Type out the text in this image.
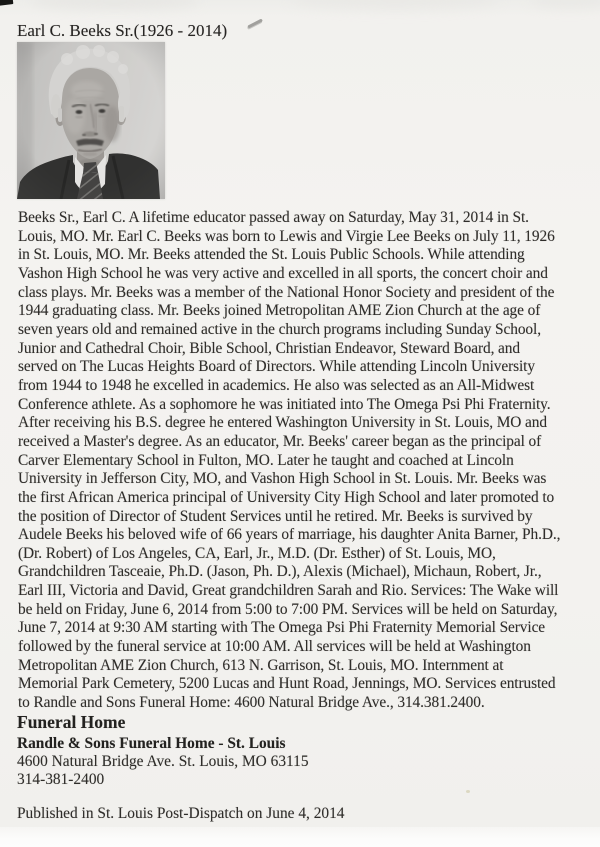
Earl C. Beeks Sr.(1926 - 2014)
Beeks Sr., Earl C. A lifetime educator passed away on Saturday, May 31, 2014 in St.
Louis, MO. Mr. Earl C. Beeks was born to Lewis and Virgie Lee Beeks on July 11, 1926
in St. Louis, MO. Mr. Beeks attended the St. Louis Public Schools. While attending
Vashon High School he was very active and excelled in all sports, the concert choir and
class plays. Mr. Beeks was a member of the National Honor Society and president of the
1944 graduating class. Mr. Beeks joined Metropolitan AME Zion Church at the age of
seven years old and remained active in the church programs including Sunday School,
Junior and Cathedral Choir, Bible School, Christian Endeavor, Steward Board, and
served on The Lucas Heights Board of Directors. While attending Lincoln University
from 1944 to 1948 he excelled in academics. He also was selected as an All-Midwest
Conference athlete. As a sophomore he was initiated into The Omega Psi Phi Fraternity.
After receiving his B.S. degree he entered Washington University in St. Louis, MO and
received a Master's degree. As an educator, Mr. Beeks' career began as the principal of
Carver Elementary School in Fulton, MO. Later he taught and coached at Lincoln
University in Jefferson City, MO, and Vashon High School in St. Louis. Mr. Beeks was
the first African America principal of University City High School and later promoted to
the position of Director of Student Services until he retired. Mr. Beeks is survived by
Audele Beeks his beloved wife of 66 years of marriage, his daughter Anita Barner, Ph.D.,
(Dr. Robert) of Los Angeles, CA, Earl, Jr., M.D. (Dr. Esther) of St. Louis, MO,
Grandchildren Tasceaie, Ph.D. (Jason, Ph. D.), Alexis (Michael), Michaun, Robert, Jr.,
Earl III, Victoria and David, Great grandchildren Sarah and Rio. Services: The Wake will
be held on Friday, June 6, 2014 from 5:00 to 7:00 PM. Services will be held on Saturday,
June 7, 2014 at 9:30 AM starting with The Omega Psi Phi Fraternity Memorial Service
followed by the funeral service at 10:00 AM. All services will be held at Washington
Metropolitan AME Zion Church, 613 N. Garrison, St. Louis, MO. Internment at
Memorial Park Cemetery, 5200 Lucas and Hunt Road, Jennings, MO. Services entrusted
to Randle and Sons Funeral Home: 4600 Natural Bridge Ave., 314.381.2400.
Funeral Home
Randle & Sons Funeral Home - St. Louis
4600 Natural Bridge Ave. St. Louis, MO 63115
314-381-2400
Published in St. Louis Post-Dispatch on June 4, 2014
